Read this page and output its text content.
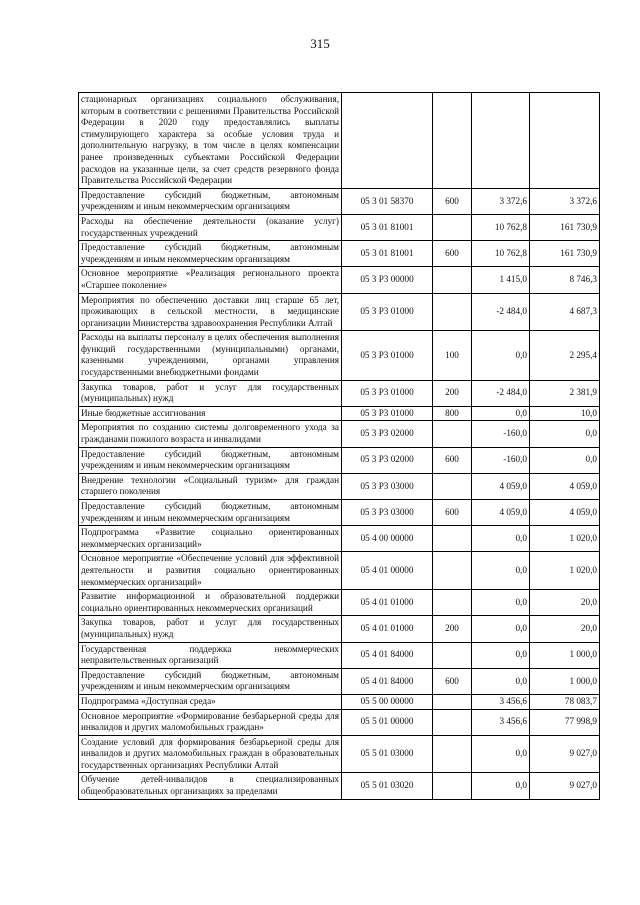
315
стационарных организациях социального обслуживания, которым в соответствии с решениями Правительства Российской Федерации в 2020 году предоставлялись выплаты стимулирующего характера за особые условия труда и дополнительную нагрузку, в том числе в целях компенсации ранее произведенных субъектами Российской Федерации расходов на указанные цели, за счет средств резервного фонда Правительства Российской Федерации				
Предоставление субсидий бюджетным, автономным учреждениям и иным некоммерческим организациям	05 3 01 58370	600	3 372,6	3 372,6
Расходы на обеспечение деятельности (оказание услуг) государственных учреждений	05 3 01 81001		10 762,8	161 730,9
Предоставление субсидий бюджетным, автономным учреждениям и иным некоммерческим организациям	05 3 01 81001	600	10 762,8	161 730,9
Основное мероприятие «Реализация регионального проекта «Старшее поколение»	05 3 P3 00000		1 415,0	8 746,3
Мероприятия по обеспечению доставки лиц старше 65 лет, проживающих в сельской местности, в медицинские организации Министерства здравоохранения Республики Алтай	05 3 P3 01000		-2 484,0	4 687,3
Расходы на выплаты персоналу в целях обеспечения выполнения функций государственными (муниципальными) органами, казенными учреждениями, органами управления государственными внебюджетными фондами	05 3 P3 01000	100	0,0	2 295,4
Закупка товаров, работ и услуг для государственных (муниципальных) нужд	05 3 P3 01000	200	-2 484,0	2 381,9
Иные бюджетные ассигнования	05 3 P3 01000	800	0,0	10,0
Мероприятия по созданию системы долговременного ухода за гражданами пожилого возраста и инвалидами	05 3 P3 02000		-160,0	0,0
Предоставление субсидий бюджетным, автономным учреждениям и иным некоммерческим организациям	05 3 P3 02000	600	-160,0	0,0
Внедрение технологии «Социальный туризм» для граждан старшего поколения	05 3 P3 03000		4 059,0	4 059,0
Предоставление субсидий бюджетным, автономным учреждениям и иным некоммерческим организациям	05 3 P3 03000	600	4 059,0	4 059,0
Подпрограмма «Развитие социально ориентированных некоммерческих организаций»	05 4 00 00000		0,0	1 020,0
Основное мероприятие «Обеспечение условий для эффективной деятельности и развития социально ориентированных некоммерческих организаций»	05 4 01 00000		0,0	1 020,0
Развитие информационной и образовательной поддержки социально ориентированных некоммерческих организаций	05 4 01 01000		0,0	20,0
Закупка товаров, работ и услуг для государственных (муниципальных) нужд	05 4 01 01000	200	0,0	20,0
Государственная поддержка некоммерческих неправительственных организаций	05 4 01 84000		0,0	1 000,0
Предоставление субсидий бюджетным, автономным учреждениям и иным некоммерческим организациям	05 4 01 84000	600	0,0	1 000,0
Подпрограмма «Доступная среда»	05 5 00 00000		3 456,6	78 083,7
Основное мероприятие «Формирование безбарьерной среды для инвалидов и других маломобильных граждан»	05 5 01 00000		3 456,6	77 998,9
Создание условий для формирования безбарьерной среды для инвалидов и других маломобильных граждан в образовательных государственных организациях Республики Алтай	05 5 01 03000		0,0	9 027,0
Обучение детей-инвалидов в специализированных общеобразовательных организациях за пределами	05 5 01 03020		0,0	9 027,0
